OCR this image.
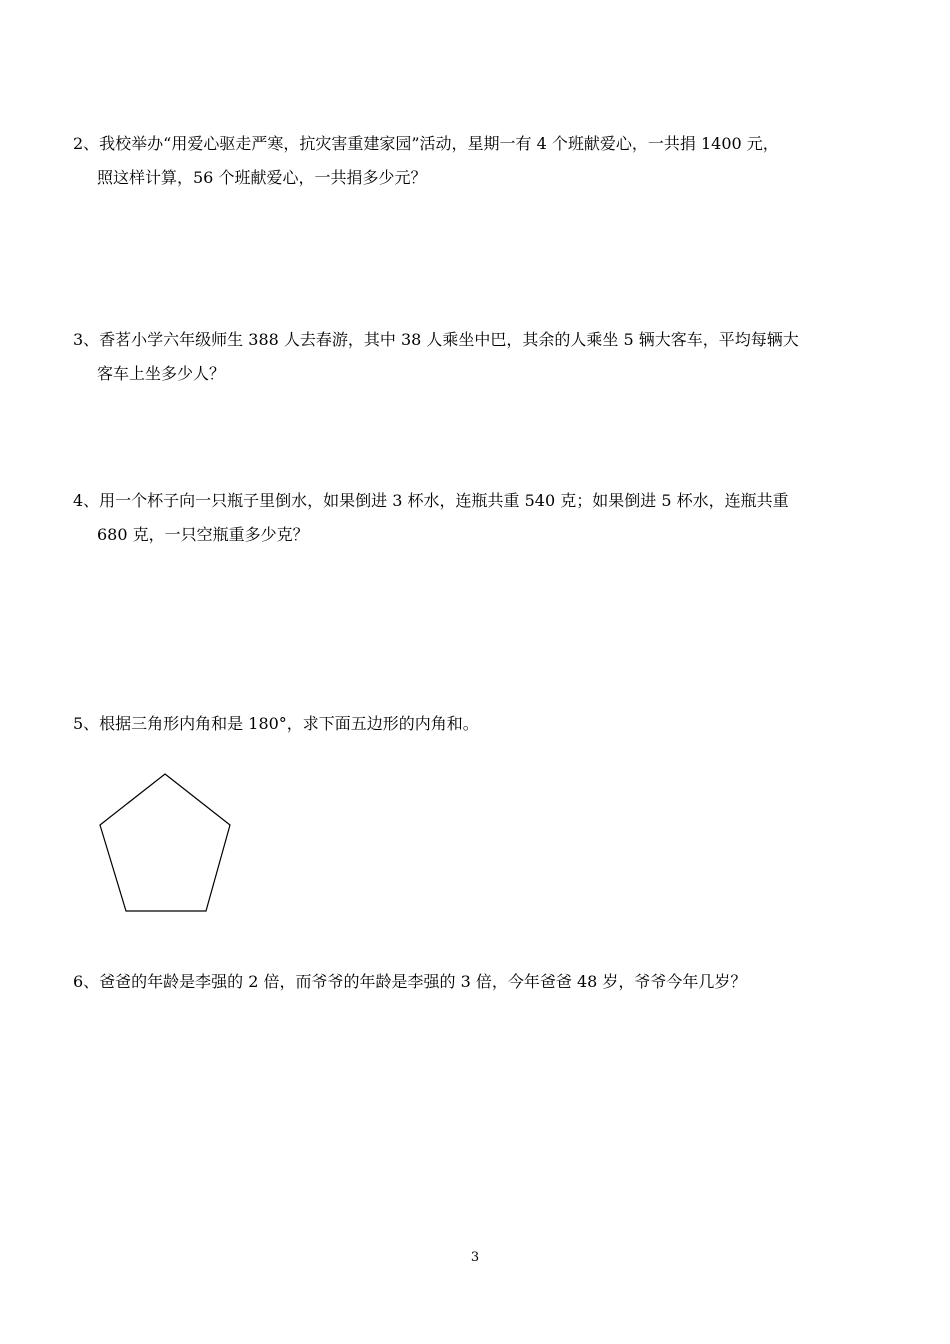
2、我校举办“用爱心驱走严寒，抗灾害重建家园”活动，星期一有 4 个班献爱心，一共捐 1400 元，
照这样计算，56 个班献爱心，一共捐多少元？
3、香茗小学六年级师生 388 人去春游，其中 38 人乘坐中巴，其余的人乘坐 5 辆大客车，平均每辆大
客车上坐多少人？
4、用一个杯子向一只瓶子里倒水，如果倒进 3 杯水，连瓶共重 540 克；如果倒进 5 杯水，连瓶共重
680 克，一只空瓶重多少克？
5、根据三角形内角和是 180°，求下面五边形的内角和。
6、爸爸的年龄是李强的 2 倍，而爷爷的年龄是李强的 3 倍，今年爸爸 48 岁，爷爷今年几岁？
3
